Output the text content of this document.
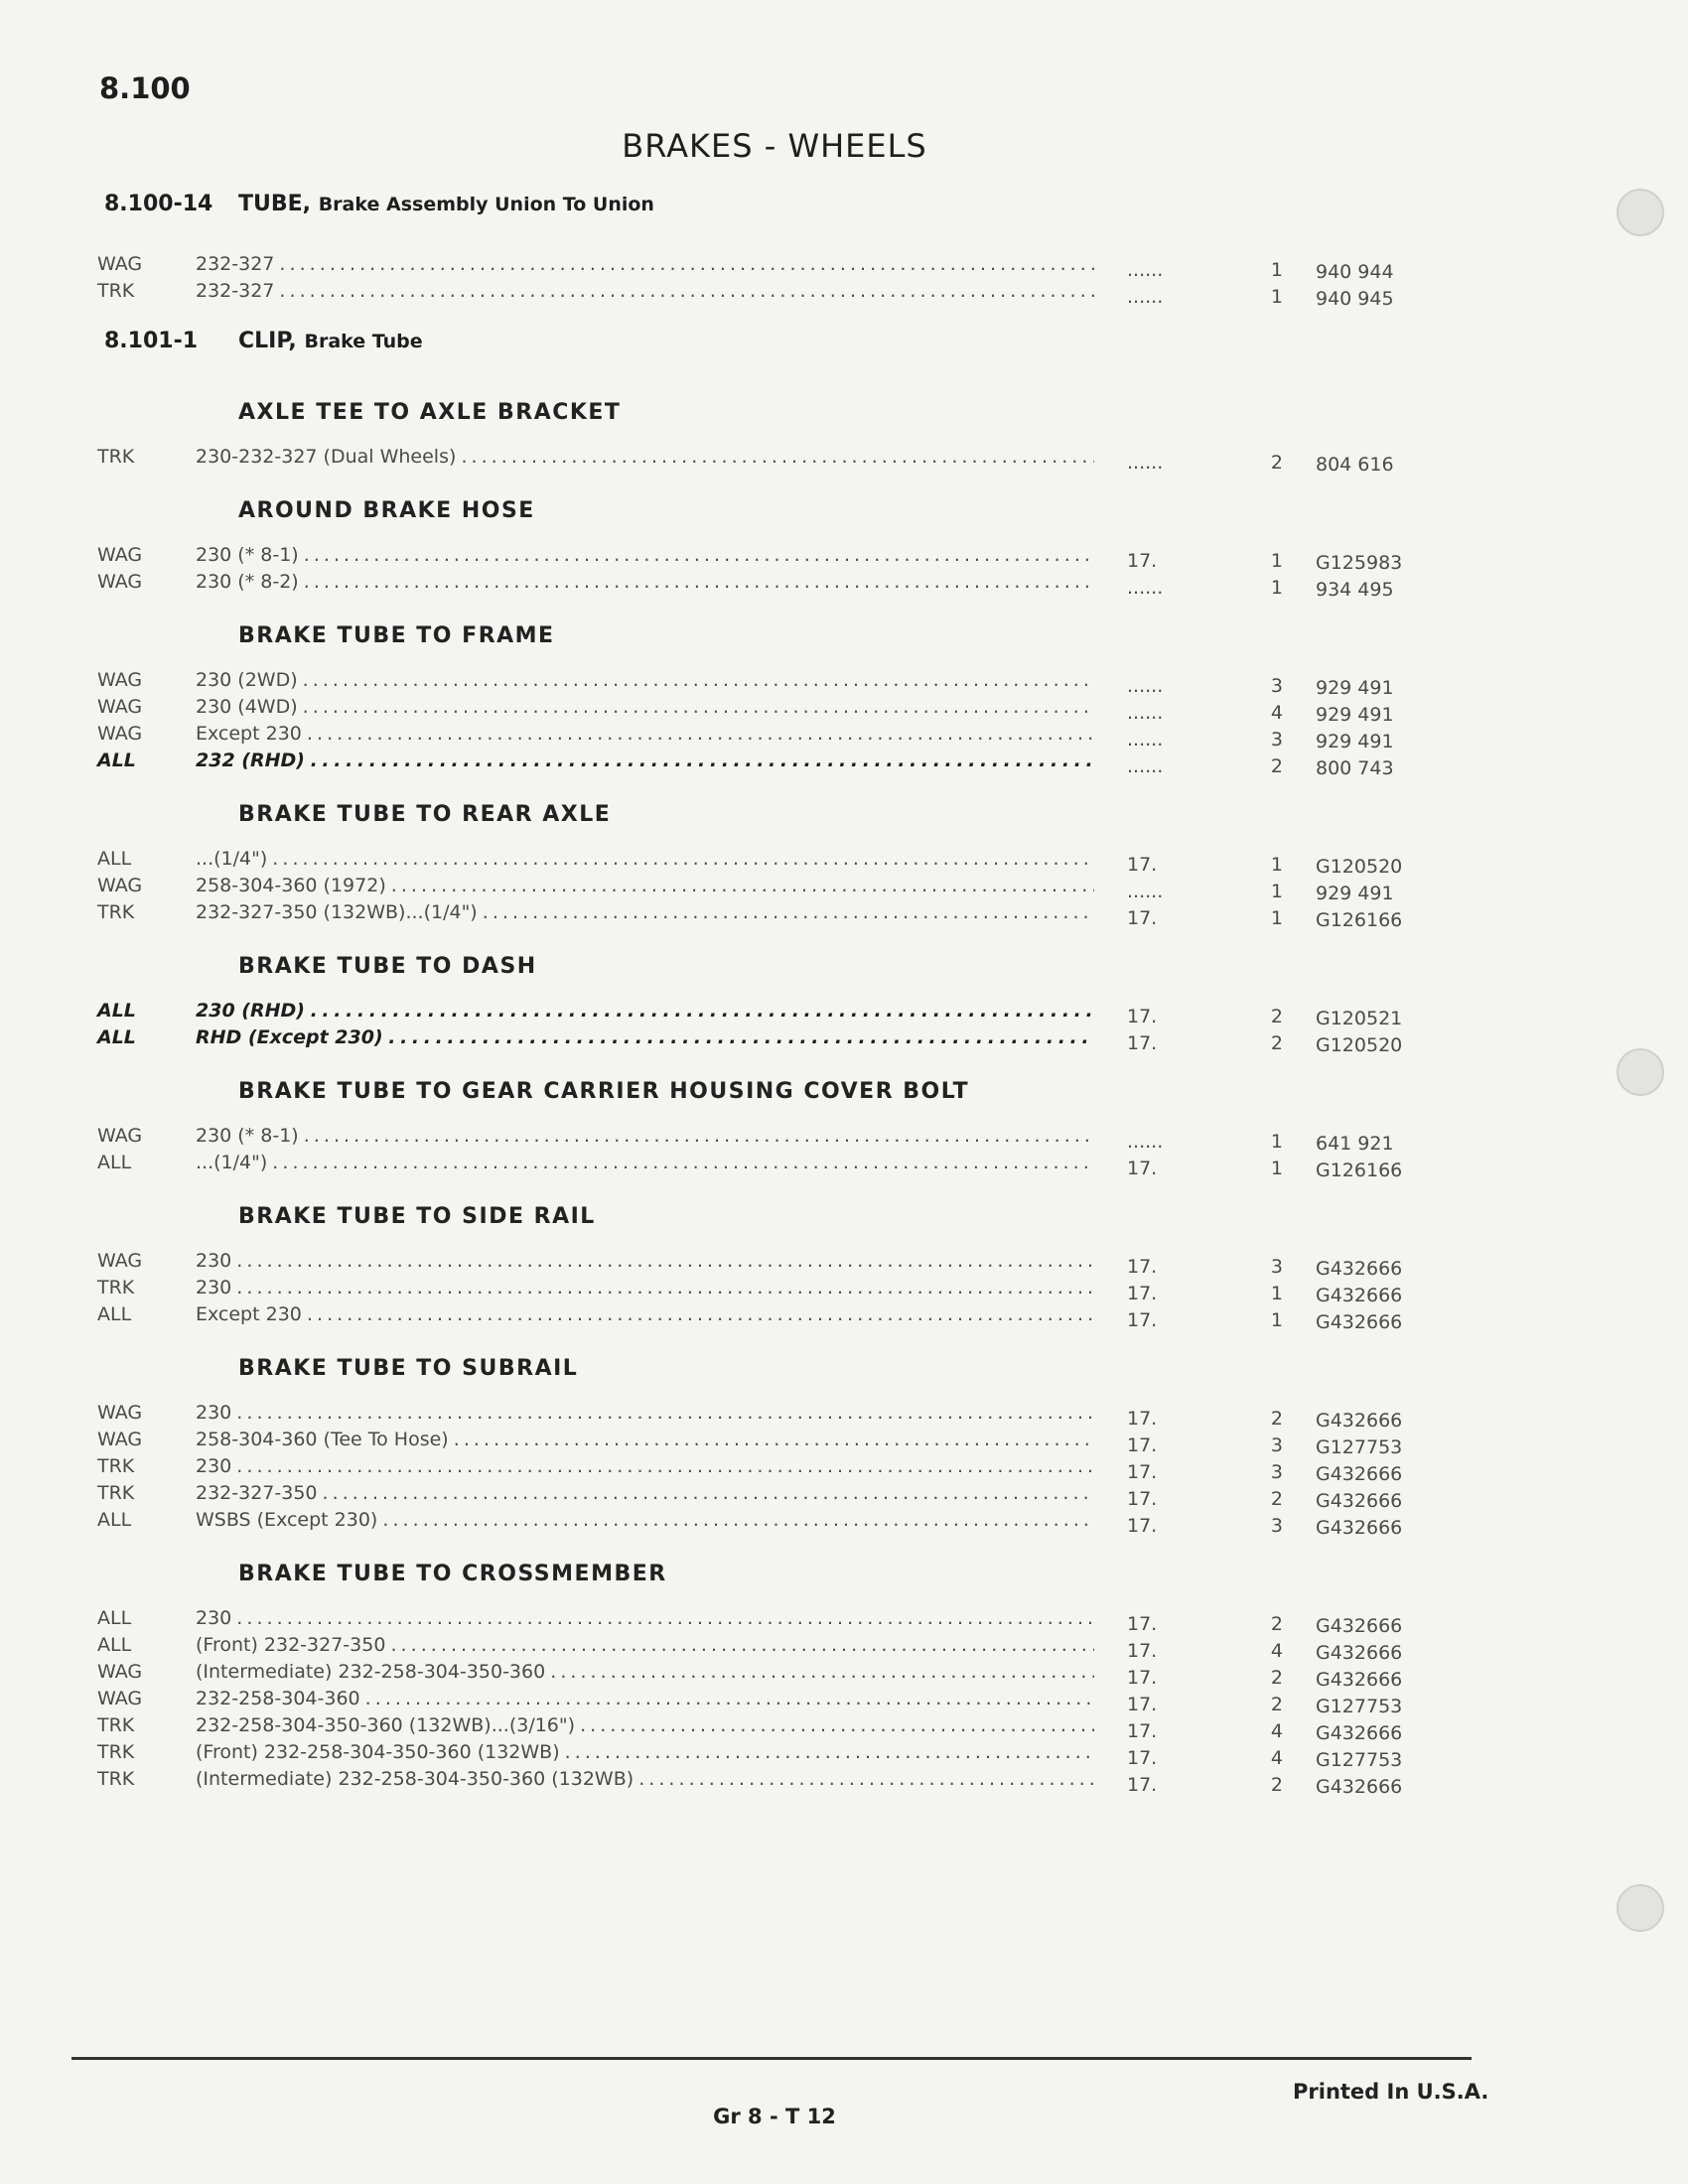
8.100
BRAKES - WHEELS
8.100-14 TUBE, Brake Assembly Union To Union
WAG	232-327 . . .	......	1 940 944
TRK	232-327 . . .	......	1 940 945
8.101-1 CLIP, Brake Tube
AXLE TEE TO AXLE BRACKET
TRK	230-232-327 (Dual Wheels) . . .	......	2 804 616
AROUND BRAKE HOSE
WAG	230 (* 8-1) . . .	17.	1 G125983
WAG	230 (* 8-2) . . .	......	1 934 495
BRAKE TUBE TO FRAME
WAG	230 (2WD) . . .	......	3 929 491
WAG	230 (4WD) . . .	......	4 929 491
WAG	Except 230 . . .	......	3 929 491
ALL	232 (RHD) . . .	......	2 800 743
BRAKE TUBE TO REAR AXLE
ALL	...(1/4") . . .	17.	1 G120520
WAG	258-304-360 (1972) . . .	......	1 929 491
TRK	232-327-350 (132WB)...(1/4") . . .	17.	1 G126166
BRAKE TUBE TO DASH
ALL	230 (RHD) . . .	17.	2 G120521
ALL	RHD (Except 230) . . .	17.	2 G120520
BRAKE TUBE TO GEAR CARRIER HOUSING COVER BOLT
WAG	230 (* 8-1) . . .	......	1 641 921
ALL	...(1/4") . . .	17.	1 G126166
BRAKE TUBE TO SIDE RAIL
WAG	230 . . .	17.	3 G432666
TRK	230 . . .	17.	1 G432666
ALL	Except 230 . . .	17.	1 G432666
BRAKE TUBE TO SUBRAIL
WAG	230 . . .	17.	2 G432666
WAG	258-304-360 (Tee To Hose) . . .	17.	3 G127753
TRK	230 . . .	17.	3 G432666
TRK	232-327-350 . . .	17.	2 G432666
ALL	WSBS (Except 230) . . .	17.	3 G432666
BRAKE TUBE TO CROSSMEMBER
ALL	230 . . .	17.	2 G432666
ALL	(Front) 232-327-350 . . .	17.	4 G432666
WAG	(Intermediate) 232-258-304-350-360 . . .	17.	2 G432666
WAG	232-258-304-360 . . .	17.	2 G127753
TRK	232-258-304-350-360 (132WB)...(3/16") . . .	17.	4 G432666
TRK	(Front) 232-258-304-350-360 (132WB) . . .	17.	4 G127753
TRK	(Intermediate) 232-258-304-350-360 (132WB) . . .	17.	2 G432666
Printed In U.S.A.
Gr 8 - T 12
